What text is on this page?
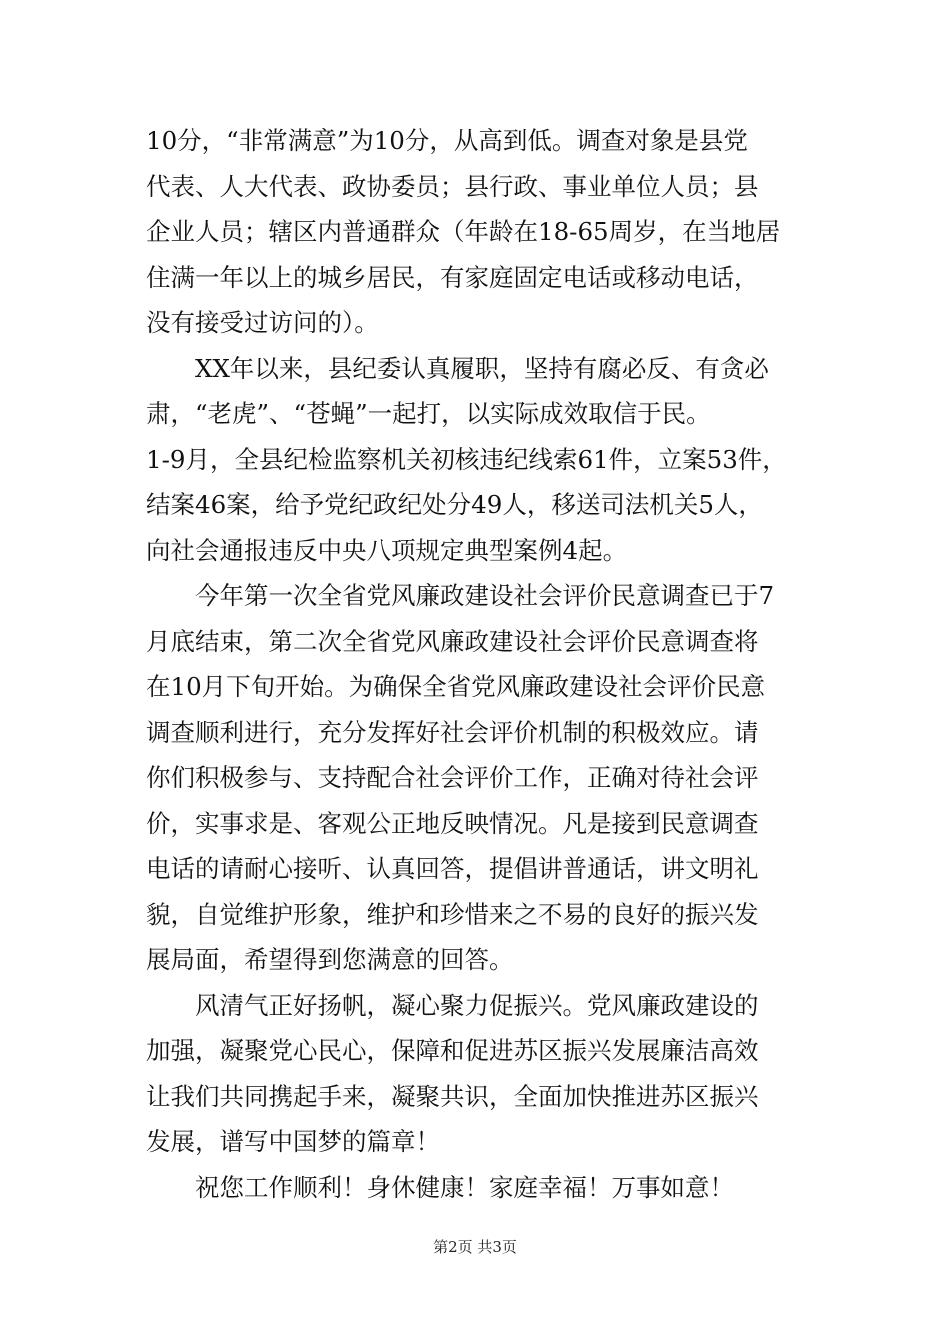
10分，“非常满意”为10分，从高到低。调查对象是县党
代表、人大代表、政协委员；县行政、事业单位人员；县
企业人员；辖区内普通群众（年龄在18-65周岁，在当地居
住满一年以上的城乡居民，有家庭固定电话或移动电话，
没有接受过访问的）。

XX年以来，县纪委认真履职，坚持有腐必反、有贪必
肃，“老虎”、“苍蝇”一起打，以实际成效取信于民。
1-9月，全县纪检监察机关初核违纪线索61件，立案53件，
结案46案，给予党纪政纪处分49人，移送司法机关5人，
向社会通报违反中央八项规定典型案例4起。

今年第一次全省党风廉政建设社会评价民意调查已于7
月底结束，第二次全省党风廉政建设社会评价民意调查将
在10月下旬开始。为确保全省党风廉政建设社会评价民意
调查顺利进行，充分发挥好社会评价机制的积极效应。请
你们积极参与、支持配合社会评价工作，正确对待社会评
价，实事求是、客观公正地反映情况。凡是接到民意调查
电话的请耐心接听、认真回答，提倡讲普通话，讲文明礼
貌，自觉维护形象，维护和珍惜来之不易的良好的振兴发
展局面，希望得到您满意的回答。

风清气正好扬帆，凝心聚力促振兴。党风廉政建设的
加强，凝聚党心民心，保障和促进苏区振兴发展廉洁高效
让我们共同携起手来，凝聚共识，全面加快推进苏区振兴
发展，谱写中国梦的篇章！

祝您工作顺利！身休健康！家庭幸福！万事如意！

第2页 共3页
